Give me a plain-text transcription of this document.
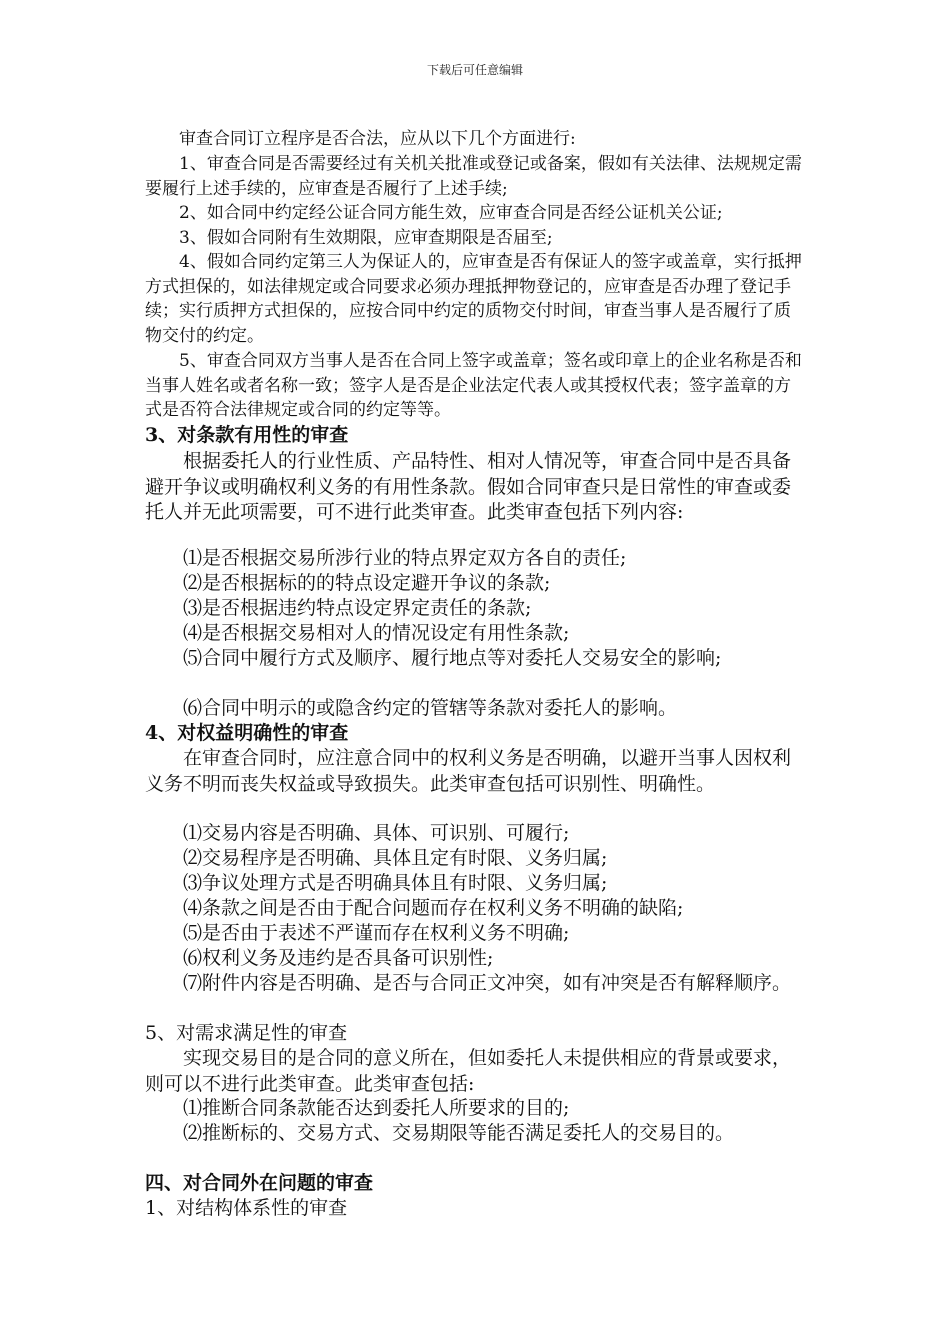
下载后可任意编辑
审查合同订立程序是否合法，应从以下几个方面进行:
1、审查合同是否需要经过有关机关批准或登记或备案，假如有关法律、法规规定需要履行上述手续的，应审查是否履行了上述手续;
2、如合同中约定经公证合同方能生效，应审查合同是否经公证机关公证;
3、假如合同附有生效期限，应审查期限是否届至;
4、假如合同约定第三人为保证人的，应审查是否有保证人的签字或盖章，实行抵押方式担保的，如法律规定或合同要求必须办理抵押物登记的，应审查是否办理了登记手续；实行质押方式担保的，应按合同中约定的质物交付时间，审查当事人是否履行了质物交付的约定。
5、审查合同双方当事人是否在合同上签字或盖章；签名或印章上的企业名称是否和当事人姓名或者名称一致；签字人是否是企业法定代表人或其授权代表；签字盖章的方式是否符合法律规定或合同的约定等等。
3、对条款有用性的审查
根据委托人的行业性质、产品特性、相对人情况等，审查合同中是否具备避开争议或明确权利义务的有用性条款。假如合同审查只是日常性的审查或委托人并无此项需要，可不进行此类审查。此类审查包括下列内容:
⑴是否根据交易所涉行业的特点界定双方各自的责任;
⑵是否根据标的的特点设定避开争议的条款;
⑶是否根据违约特点设定界定责任的条款;
⑷是否根据交易相对人的情况设定有用性条款;
⑸合同中履行方式及顺序、履行地点等对委托人交易安全的影响;
⑹合同中明示的或隐含约定的管辖等条款对委托人的影响。
4、对权益明确性的审查
在审查合同时，应注意合同中的权利义务是否明确，以避开当事人因权利义务不明而丧失权益或导致损失。此类审查包括可识别性、明确性。
⑴交易内容是否明确、具体、可识别、可履行;
⑵交易程序是否明确、具体且定有时限、义务归属;
⑶争议处理方式是否明确具体且有时限、义务归属;
⑷条款之间是否由于配合问题而存在权利义务不明确的缺陷;
⑸是否由于表述不严谨而存在权利义务不明确;
⑹权利义务及违约是否具备可识别性;
⑺附件内容是否明确、是否与合同正文冲突，如有冲突是否有解释顺序。
5、对需求满足性的审查
实现交易目的是合同的意义所在，但如委托人未提供相应的背景或要求，则可以不进行此类审查。此类审查包括:
⑴推断合同条款能否达到委托人所要求的目的;
⑵推断标的、交易方式、交易期限等能否满足委托人的交易目的。
四、对合同外在问题的审查
1、对结构体系性的审查
